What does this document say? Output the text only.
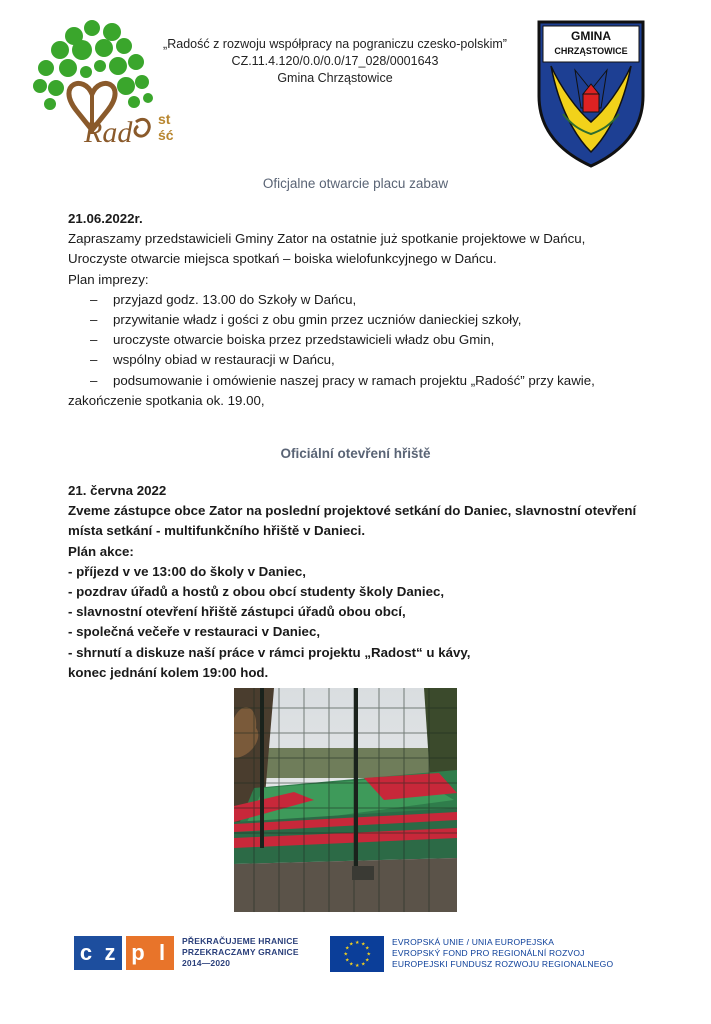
Rad st
ść
„Radość z rozwoju współpracy na pograniczu czesko-polskim”
CZ.11.4.120/0.0/0.0/17_028/0001643
Gmina Chrząstowice
GMINA
CHRZĄSTOWICE
Oficjalne otwarcie placu zabaw
21.06.2022r.
Zapraszamy przedstawicieli Gminy Zator na ostatnie już spotkanie projektowe w Dańcu,
Uroczyste otwarcie miejsca spotkań – boiska wielofunkcyjnego w Dańcu.
Plan imprezy:
– przyjazd godz. 13.00 do Szkoły w Dańcu,
– przywitanie władz i gości z obu gmin przez uczniów danieckiej szkoły,
– uroczyste otwarcie boiska przez przedstawicieli władz obu Gmin,
– wspólny obiad w restauracji w Dańcu,
– podsumowanie i omówienie naszej pracy w ramach projektu „Radość” przy kawie,
zakończenie spotkania ok. 19.00,
Oficiální otevření hřiště
21. června 2022
Zveme zástupce obce Zator na poslední projektové setkání do Daniec, slavnostní otevření
místa setkání - multifunkčního hřiště v Danieci.
Plán akce:
- příjezd v ve 13:00 do školy v Daniec,
- pozdrav úřadů a hostů z obou obcí studenty školy Daniec,
- slavnostní otevření hřiště zástupci úřadů obou obcí,
- společná večeře v restauraci v Daniec,
- shrnutí a diskuze naší práce v rámci projektu „Radost“ u kávy,
konec jednání kolem 19:00 hod.
c z p l	PŘEKRAČUJEME HRANICE
PRZEKRACZAMY GRANICE
2014—2020
★ ★
★
★
★
★
★
★
★
★
★
★	EVROPSKÁ UNIE / UNIA EUROPEJSKA
EVROPSKÝ FOND PRO REGIONÁLNÍ ROZVOJ
EUROPEJSKI FUNDUSZ ROZWOJU REGIONALNEGO
